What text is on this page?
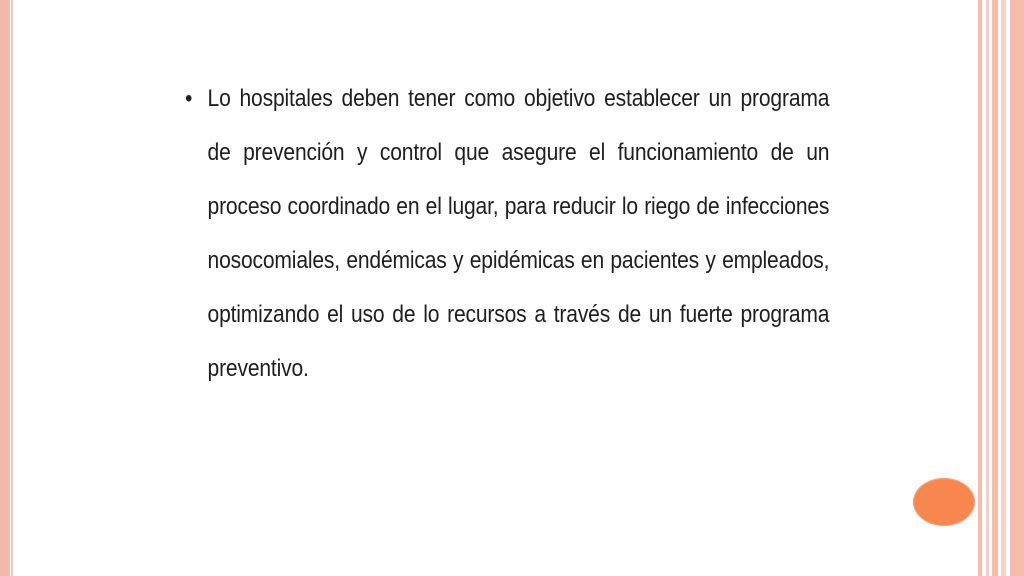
• Lo hospitales deben tener como objetivo establecer un programa de prevención y control que asegure el funcionamiento de un proceso coordinado en el lugar, para reducir lo riego de infecciones nosocomiales, endémicas y epidémicas en pacientes y empleados, optimizando el uso de lo recursos a través de un fuerte programa preventivo.
